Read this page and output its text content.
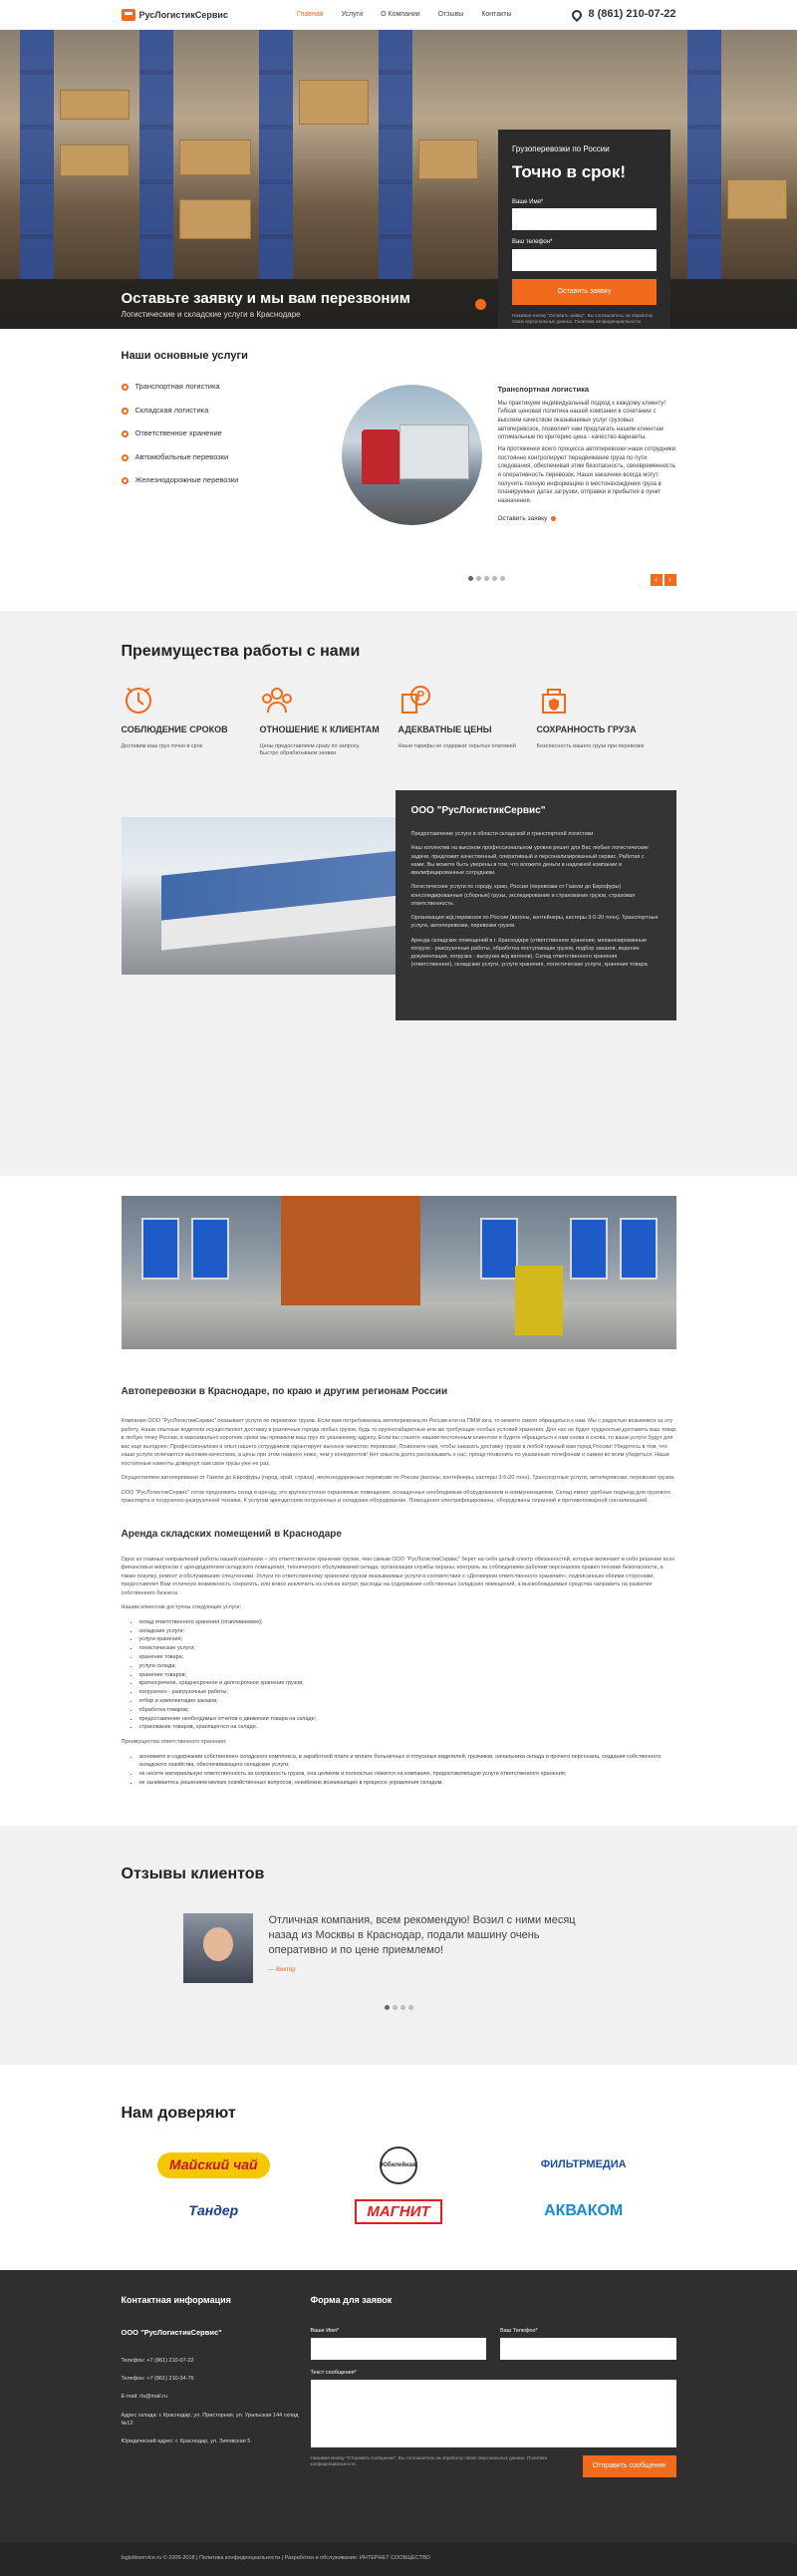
РусЛогистикСервис	Главная	Услуги	О Компании	Отзывы	Контакты	8 (861) 210-07-22
Оставьте заявку и мы вам перезвоним
Логистические и складские услуги в Краснодаре
Грузоперевозки по России
Точно в срок!
Ваше Имя*
Ваш телефон*
Оставить заявку
Нажимая кнопку "Оставить заявку", Вы соглашаетесь на обработку своих персональных данных. Политика конфиденциальности
Наши основные услуги
Транспортная логистика
Складская логистика
Ответственное хранение
Автомобильные перевозки
Железнодорожные перевозки
Транспортная логистика

Мы практикуем индивидуальный подход к каждому клиенту! Гибкая ценовая политика нашей компании в сочетании с высоким качеством оказываемых услуг грузовых автоперевозок, позволяет нам предлагать нашим клиентам оптимальные по критерию цена - качество варианты.

На протяжении всего процесса автоперевозки наши сотрудники постоянно контролируют передвижение груза по пути следования, обеспечивая этим безопасность, своевременность и оперативность перевозок. Наши заказчики всегда могут получить полную информацию о местонахождении груза в планируемых датах загрузки, отправки и прибытия в пункт назначения.

Оставить заявку
‹	›
Преимущества работы с нами
СОБЛЮДЕНИЕ СРОКОВ
Доставим ваш груз точно в срок
ОТНОШЕНИЕ К КЛИЕНТАМ
Цены предоставляем сразу по запросу. Быстро обрабатываем заявки
АДЕКВАТНЫЕ ЦЕНЫ
Наши тарифы не содержат скрытых платежей
СОХРАННОСТЬ ГРУЗА
Безопасность вашего груза при перевозке
ООО "РусЛогистикСервис"

Предоставление услуги в области складской и транспортной логистики.

Наш коллектив на высоком профессиональном уровне решит для Вас любые логистические задачи, предложит качественный, оперативный и персонализированный сервис. Работая с нами, Вы можете быть уверены в том, что вложите деньги в надежной компании и квалифицированные сотрудники.

Логистические услуги по городу, краю, России (перевозки от Газели до Еврофуры) консолидированные (сборные) грузы, экспедирование и страхование грузов, страховая ответственность.

Организация ж/д перевозок по России (вагоны, контейнеры, кастеры 3-5-20 тонн). Транспортные услуги, автоперевозки, перевозки грузов.

Аренда складских помещений в г. Краснодаре (ответственное хранение, механизированные погрузо - разгрузочные работы, обработка поступающих грузов, подбор заказов, ведение документации, погрузка - выгрузка ж/д вагонов). Склад ответственного хранения (ответственное), складские услуги, услуги хранения, логистические услуги, хранение товара.

Автоперевозки в Краснодаре, по краю и другим регионам России

Компания ООО "РусЛогистикСервис" оказывает услуги по перевозке грузов. Если вам потребовалась автоперевозка по России или на ПМЖ юга, то можете смело обращаться к нам. Мы с радостью возьмемся за эту работу. Наши опытные водители осуществляют доставку в различные города любых грузов, будь то крупногабаритные или же требующие особых условий хранения. Для нас не будет трудностью доставить ваш товар в любую точку России, в максимально короткие сроки мы прямиком ваш груз по указанному адресу. Если вы станете нашим постоянным клиентом и будете обращаться к нам снова и снова, то ваши услуги будут для вас еще выгоднее. Профессионализм и опыт нашего сотрудников гарантирует высокое качество перевозки. Позвоните нам, чтобы заказать доставку грузов в любой нужный вам город России! Убедитесь в том, что наши услуги отличаются высоким качеством, а цены при этом намного ниже, чем у конкурентов! Нет смысла долго рассказывать о нас, проще позвонить по указанным телефонам и самим во всем убедиться. Наши постоянные клиенты довернул нам свои грузы уже не раз.

Осуществляем автоперевозки от Газели до Еврофуры (город, край, страна), железнодорожные перевозки по России (вагоны, контейнеры, кастеры 3-5-20 тонн). Транспортные услуги, автоперевозки, перевозки грузов.

ООО "РусЛогистикСервис" готов предложить склад в аренду, это крупносуточно охраняемые помещения, оснащенные необходимым оборудованием и коммуникациями. Склад имеет удобные подъезд для грузового транспорта и погрузочно-разгрузочной техники. К услугам арендаторов погрузочные и складские оборудование. Помещения электрифицированы, оборудованы охранной и противопожарной сигнализацией.

Аренда складских помещений в Краснодаре

Одно из главных направлений работы нашей компании – это ответственное хранение грузов, чем самым ООО "РусЛогистикСервис" берет на себя целый спектр обязанностей, которые включают в себя решение всех финансовых вопросов с арендодателем складского помещения, технического обслуживания склада, организации службы охраны, контроль за соблюдением рабочим персоналом правил техники безопасности, а также покупку, ремонт и обслуживание спецтехники. Услуги по ответственному хранению грузов оказываемые услуги в соответствии с «Договором ответственного хранения», подписанным обеими сторонами, предоставляет Вам отличную возможность сократить, или вовсе исключить из списка затрат, расходы на содержание собственных складских помещений, а высвобождаемые средства направить на развитие собственного бизнеса.

Нашим клиентам доступны следующие услуги:

• склад ответственного хранения (отапливаемое);
• складские услуги;
• услуги хранения;
• логистические услуги;
• хранение товара;
• услуги склада;
• хранение товаров;
• краткосрочное, среднесрочное и долгосрочное хранение грузов;
• погрузочно - разгрузочные работы;
• отбор и комплектация заказов;
• обработка товаров;
• предоставление необходимых отчетов о движении товара на складе;
• страхование товаров, хранящегося на складе.

Преимущества ответственного хранения:

• экономите в содержании собственного складского комплекса, в заработной плате и оплате больничных и отпускных водителей, грузчиков, начальника склада и прочего персонала, создания собственного складского хозяйства, обеспечивающего складские услуги;
• не несете материальную ответственность за сохранность грузов, она целиком и полностью ложится на компанию, предоставляющую услуги ответственного хранения;
• не занимаетесь решением мелких хозяйственных вопросов, неизбежно возникающих в процессе управления складом.
Отзывы клиентов
Отличная компания, всем рекомендую! Возил с ними месяц назад из Москвы в Краснодар, подали машину очень оперативно и по цене приемлемо!
— Виктор
Нам доверяют
Майский чай	Юбилейная	ФИЛЬТРМЕДИА
Тандер	МАГНИТ	АКВАКОМ
Контактная информация
ООО "РусЛогистикСервис"
Телефон: +7 (861) 210-07-22
Телефон: +7 (861) 210-34-76
E-mail: rls@mail.ru
Адрес склада: г. Краснодар, ул. Присторная, ул. Уральская 144 склад №12
Юридический адрес: г. Краснодар, ул. Зиповская 5
Форма для заявок
Ваше Имя*	Ваш Телефон*
Текст сообщения*
Нажимая кнопку "Отправить сообщение", Вы соглашаетесь на обработку своих персональных данных. Политика конфиденциальности	Отправить сообщение
logistikservice.ru © 2009-2018 | Политика конфиденциальности | Разработка и обслуживание: ИНТЕРНЕТ СООБЩЕСТВО
